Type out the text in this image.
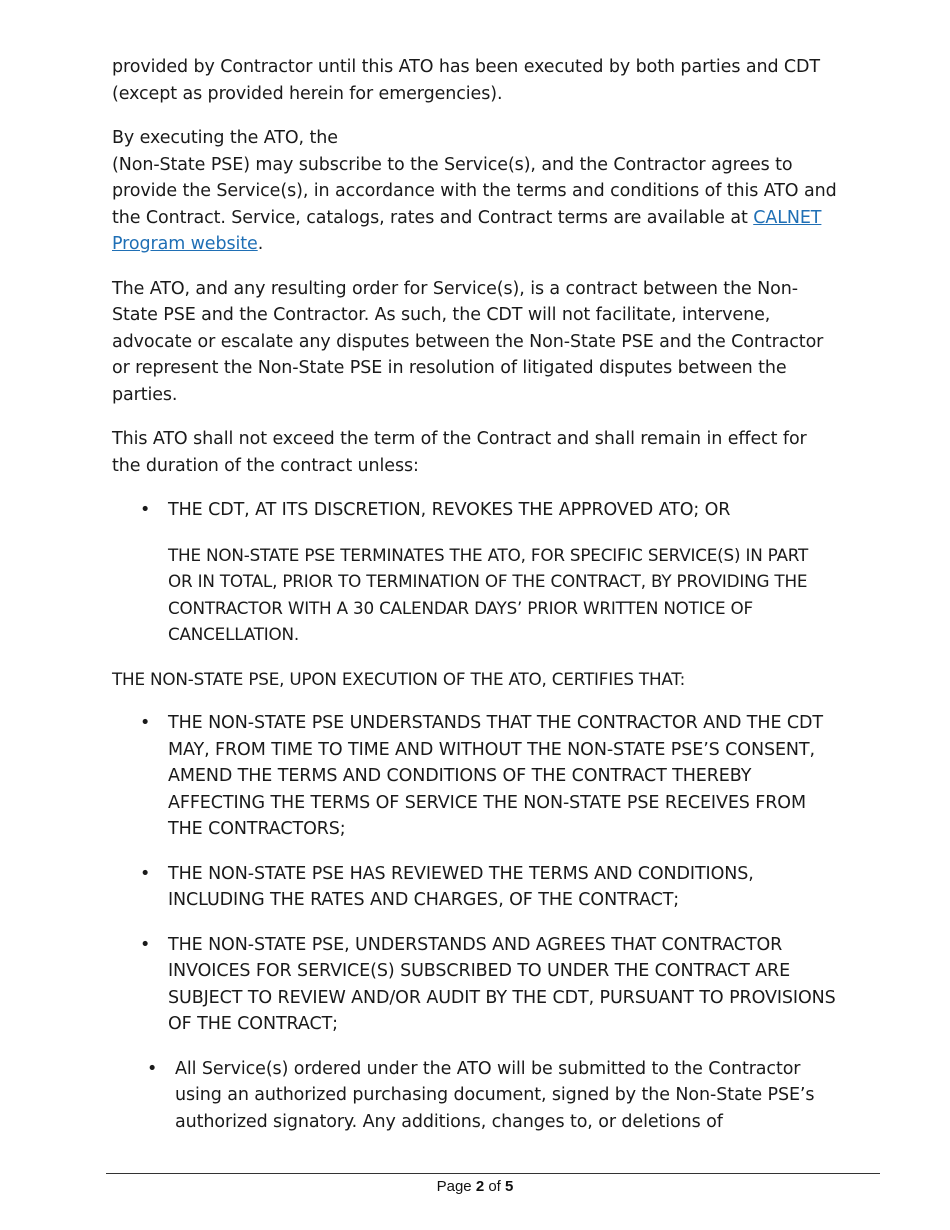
provided by Contractor until this ATO has been executed by both parties and CDT (except as provided herein for emergencies).

By executing the ATO, the
(Non-State PSE) may subscribe to the Service(s), and the Contractor agrees to provide the Service(s), in accordance with the terms and conditions of this ATO and the Contract. Service, catalogs, rates and Contract terms are available at CALNET Program website.

The ATO, and any resulting order for Service(s), is a contract between the Non-State PSE and the Contractor. As such, the CDT will not facilitate, intervene, advocate or escalate any disputes between the Non-State PSE and the Contractor or represent the Non-State PSE in resolution of litigated disputes between the parties.

This ATO shall not exceed the term of the Contract and shall remain in effect for the duration of the contract unless:

• THE CDT, AT ITS DISCRETION, REVOKES THE APPROVED ATO; OR

THE NON-STATE PSE TERMINATES THE ATO, FOR SPECIFIC SERVICE(S) IN PART OR IN TOTAL, PRIOR TO TERMINATION OF THE CONTRACT, BY PROVIDING THE CONTRACTOR WITH A 30 CALENDAR DAYS’ PRIOR WRITTEN NOTICE OF CANCELLATION.

THE NON-STATE PSE, UPON EXECUTION OF THE ATO, CERTIFIES THAT:

• THE NON-STATE PSE UNDERSTANDS THAT THE CONTRACTOR AND THE CDT MAY, FROM TIME TO TIME AND WITHOUT THE NON-STATE PSE’S CONSENT, AMEND THE TERMS AND CONDITIONS OF THE CONTRACT THEREBY AFFECTING THE TERMS OF SERVICE THE NON-STATE PSE RECEIVES FROM THE CONTRACTORS;
• THE NON-STATE PSE HAS REVIEWED THE TERMS AND CONDITIONS, INCLUDING THE RATES AND CHARGES, OF THE CONTRACT;
• THE NON-STATE PSE, UNDERSTANDS AND AGREES THAT CONTRACTOR INVOICES FOR SERVICE(S) SUBSCRIBED TO UNDER THE CONTRACT ARE SUBJECT TO REVIEW AND/OR AUDIT BY THE CDT, PURSUANT TO PROVISIONS OF THE CONTRACT;
• All Service(s) ordered under the ATO will be submitted to the Contractor using an authorized purchasing document, signed by the Non-State PSE’s authorized signatory. Any additions, changes to, or deletions of
Page 2 of 5
